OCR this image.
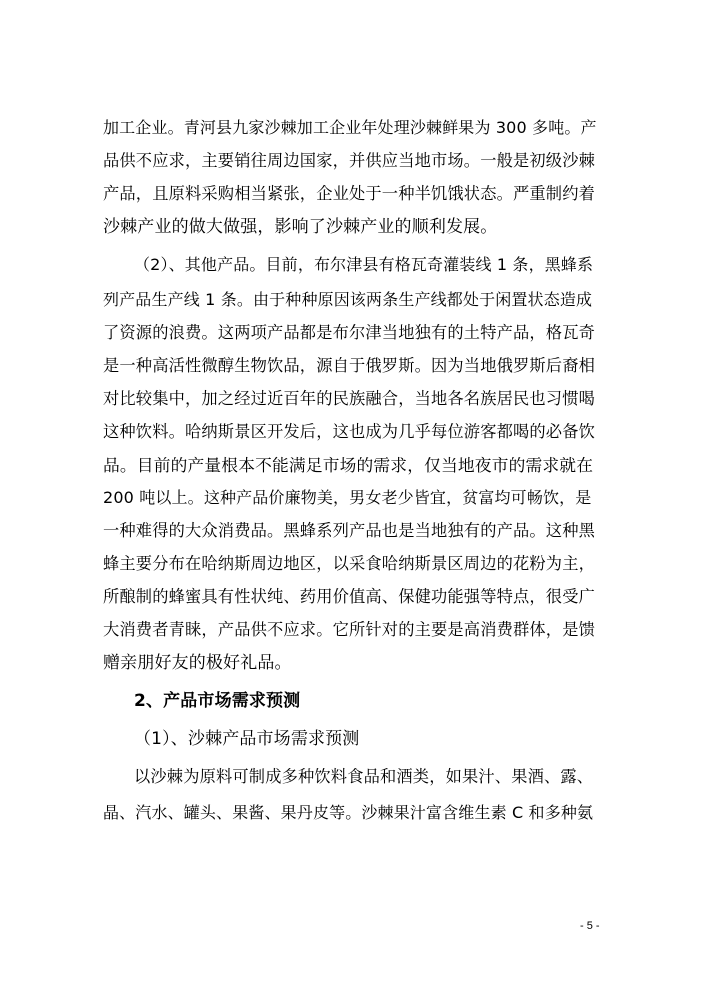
加工企业。青河县九家沙棘加工企业年处理沙棘鲜果为 300 多吨。产
品供不应求，主要销往周边国家，并供应当地市场。一般是初级沙棘
产品，且原料采购相当紧张，企业处于一种半饥饿状态。严重制约着
沙棘产业的做大做强，影响了沙棘产业的顺利发展。
（2）、其他产品。目前，布尔津县有格瓦奇灌装线 1 条，黑蜂系
列产品生产线 1 条。由于种种原因该两条生产线都处于闲置状态造成
了资源的浪费。这两项产品都是布尔津当地独有的土特产品，格瓦奇
是一种高活性微醇生物饮品，源自于俄罗斯。因为当地俄罗斯后裔相
对比较集中，加之经过近百年的民族融合，当地各名族居民也习惯喝
这种饮料。哈纳斯景区开发后，这也成为几乎每位游客都喝的必备饮
品。目前的产量根本不能满足市场的需求，仅当地夜市的需求就在
200 吨以上。这种产品价廉物美，男女老少皆宜，贫富均可畅饮，是
一种难得的大众消费品。黑蜂系列产品也是当地独有的产品。这种黑
蜂主要分布在哈纳斯周边地区，以采食哈纳斯景区周边的花粉为主，
所酿制的蜂蜜具有性状纯、药用价值高、保健功能强等特点，很受广
大消费者青睐，产品供不应求。它所针对的主要是高消费群体，是馈
赠亲朋好友的极好礼品。
2、产品市场需求预测
（1）、沙棘产品市场需求预测
以沙棘为原料可制成多种饮料食品和酒类，如果汁、果酒、露、
晶、汽水、罐头、果酱、果丹皮等。沙棘果汁富含维生素 C 和多种氨
- 5 -
